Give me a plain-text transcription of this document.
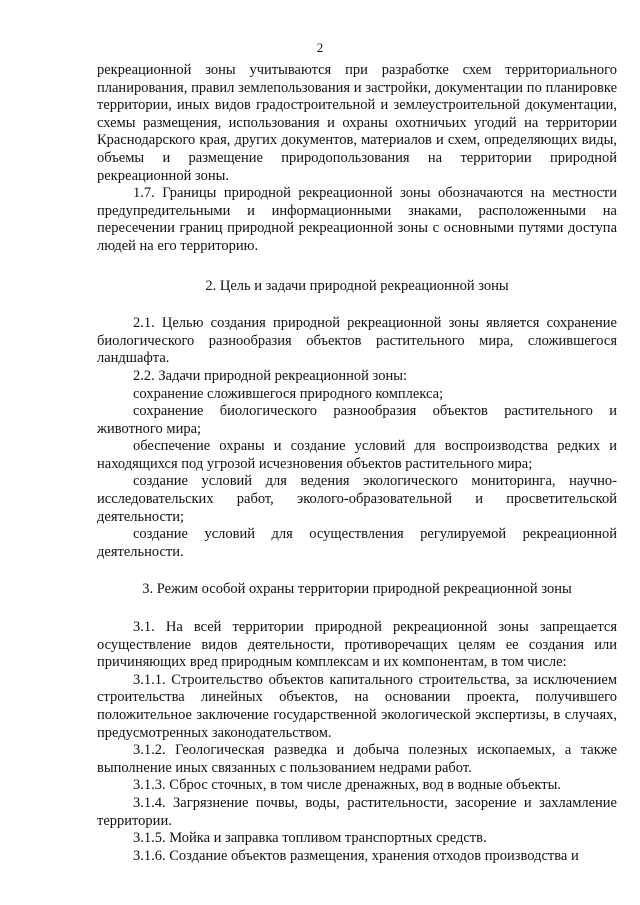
2

рекреационной зоны учитываются при разработке схем территориального планирования, правил землепользования и застройки, документации по планировке территории, иных видов градостроительной и землеустроительной документации, схемы размещения, использования и охраны охотничьих угодий на территории Краснодарского края, других документов, материалов и схем, определяющих виды, объемы и размещение природопользования на территории природной рекреационной зоны.

1.7. Границы природной рекреационной зоны обозначаются на местности предупредительными и информационными знаками, расположенными на пересечении границ природной рекреационной зоны с основными путями доступа людей на его территорию.

2. Цель и задачи природной рекреационной зоны

2.1. Целью создания природной рекреационной зоны является сохранение биологического разнообразия объектов растительного мира, сложившегося ландшафта.

2.2. Задачи природной рекреационной зоны:

сохранение сложившегося природного комплекса;

сохранение биологического разнообразия объектов растительного и животного мира;

обеспечение охраны и создание условий для воспроизводства редких и находящихся под угрозой исчезновения объектов растительного мира;

создание условий для ведения экологического мониторинга, научно-исследовательских работ, эколого-образовательной и просветительской деятельности;

создание условий для осуществления регулируемой рекреационной деятельности.

3. Режим особой охраны территории природной рекреационной зоны

3.1. На всей территории природной рекреационной зоны запрещается осуществление видов деятельности, противоречащих целям ее создания или причиняющих вред природным комплексам и их компонентам, в том числе:

3.1.1. Строительство объектов капитального строительства, за исключением строительства линейных объектов, на основании проекта, получившего положительное заключение государственной экологической экспертизы, в случаях, предусмотренных законодательством.

3.1.2. Геологическая разведка и добыча полезных ископаемых, а также выполнение иных связанных с пользованием недрами работ.

3.1.3. Сброс сточных, в том числе дренажных, вод в водные объекты.

3.1.4. Загрязнение почвы, воды, растительности, засорение и захламление территории.

3.1.5. Мойка и заправка топливом транспортных средств.

3.1.6. Создание объектов размещения, хранения отходов производства и
